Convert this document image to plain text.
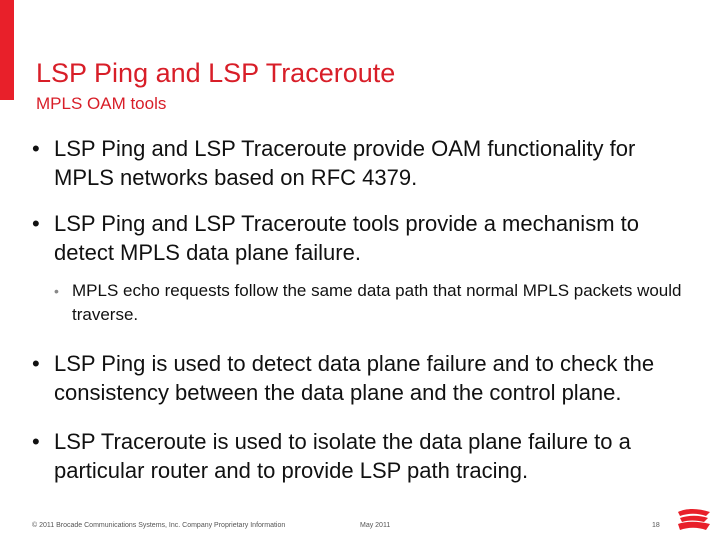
LSP Ping and LSP Traceroute
MPLS OAM tools
• LSP Ping and LSP Traceroute provide OAM functionality for MPLS networks based on RFC 4379.
• LSP Ping and LSP Traceroute tools provide a mechanism to detect MPLS data plane failure.
• MPLS echo requests follow the same data path that normal MPLS packets would traverse.
• LSP Ping is used to detect data plane failure and to check the consistency between the data plane and the control plane.
• LSP Traceroute is used to isolate the data plane failure to a particular router and to provide LSP path tracing.
© 2011 Brocade Communications Systems, Inc. Company Proprietary Information	May 2011	18
